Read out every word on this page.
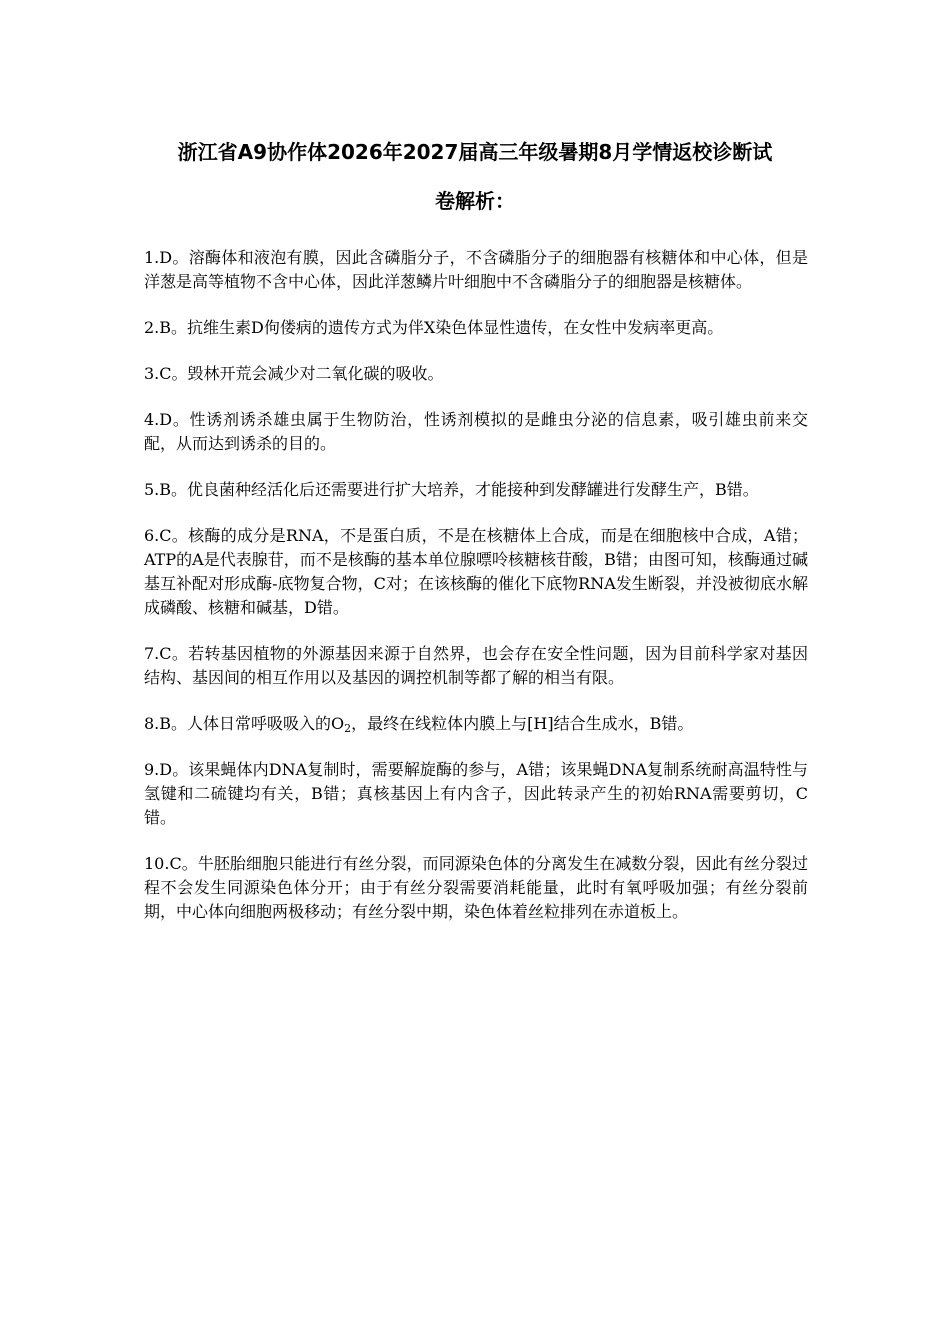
浙江省A9协作体2026年2027届高三年级暑期8月学情返校诊断试
卷解析：

1.D。溶酶体和液泡有膜，因此含磷脂分子，不含磷脂分子的细胞器有核糖体和中心体，但是洋葱是高等植物不含中心体，因此洋葱鳞片叶细胞中不含磷脂分子的细胞器是核糖体。

2.B。抗维生素D佝偻病的遗传方式为伴X染色体显性遗传，在女性中发病率更高。

3.C。毁林开荒会减少对二氧化碳的吸收。

4.D。性诱剂诱杀雄虫属于生物防治，性诱剂模拟的是雌虫分泌的信息素，吸引雄虫前来交配，从而达到诱杀的目的。

5.B。优良菌种经活化后还需要进行扩大培养，才能接种到发酵罐进行发酵生产，B错。

6.C。核酶的成分是RNA，不是蛋白质，不是在核糖体上合成，而是在细胞核中合成，A错；ATP的A是代表腺苷，而不是核酶的基本单位腺嘌呤核糖核苷酸，B错；由图可知，核酶通过碱基互补配对形成酶-底物复合物，C对；在该核酶的催化下底物RNA发生断裂，并没被彻底水解成磷酸、核糖和碱基，D错。

7.C。若转基因植物的外源基因来源于自然界，也会存在安全性问题，因为目前科学家对基因结构、基因间的相互作用以及基因的调控机制等都了解的相当有限。

8.B。人体日常呼吸吸入的$O_2$，最终在线粒体内膜上与[H]结合生成水，B错。

9.D。该果蝇体内DNA复制时，需要解旋酶的参与，A错；该果蝇DNA复制系统耐高温特性与氢键和二硫键均有关，B错；真核基因上有内含子，因此转录产生的初始RNA需要剪切，C错。

10.C。牛胚胎细胞只能进行有丝分裂，而同源染色体的分离发生在减数分裂，因此有丝分裂过程不会发生同源染色体分开；由于有丝分裂需要消耗能量，此时有氧呼吸加强；有丝分裂前期，中心体向细胞两极移动；有丝分裂中期，染色体着丝粒排列在赤道板上。
